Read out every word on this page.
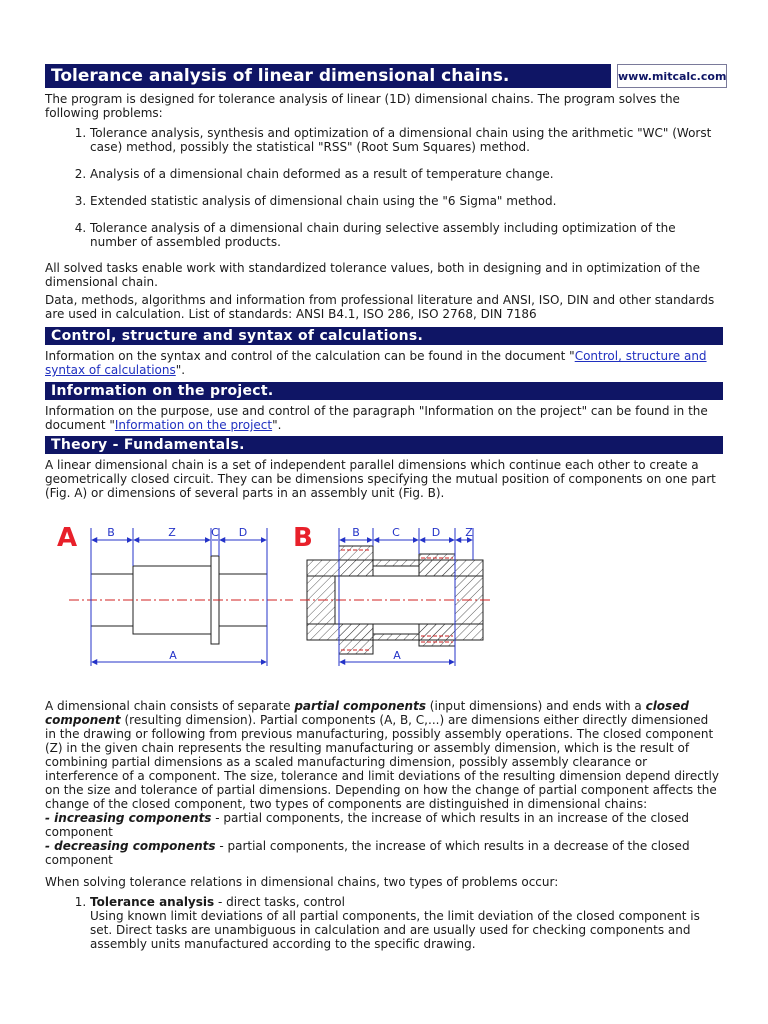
Tolerance analysis of linear dimensional chains.	www.mitcalc.com

The program is designed for tolerance analysis of linear (1D) dimensional chains. The program solves the following problems:

1. Tolerance analysis, synthesis and optimization of a dimensional chain using the arithmetic "WC" (Worst case) method, possibly the statistical "RSS" (Root Sum Squares) method.
2. Analysis of a dimensional chain deformed as a result of temperature change.
3. Extended statistic analysis of dimensional chain using the "6 Sigma" method.
4. Tolerance analysis of a dimensional chain during selective assembly including optimization of the number of assembled products.

All solved tasks enable work with standardized tolerance values, both in designing and in optimization of the dimensional chain.

Data, methods, algorithms and information from professional literature and ANSI, ISO, DIN and other standards are used in calculation. List of standards: ANSI B4.1, ISO 286, ISO 2768, DIN 7186

Control, structure and syntax of calculations.

Information on the syntax and control of the calculation can be found in the document "Control, structure and syntax of calculations".

Information on the project.

Information on the purpose, use and control of the paragraph "Information on the project" can be found in the document "Information on the project".

Theory - Fundamentals.

A linear dimensional chain is a set of independent parallel dimensions which continue each other to create a geometrically closed circuit. They can be dimensions specifying the mutual position of components on one part (Fig. A) or dimensions of several parts in an assembly unit (Fig. B).

A	B	Z	C D
A
B	B	C	D Z
A

A dimensional chain consists of separate partial components (input dimensions) and ends with a closed component (resulting dimension). Partial components (A, B, C,...) are dimensions either directly dimensioned in the drawing or following from previous manufacturing, possibly assembly operations. The closed component (Z) in the given chain represents the resulting manufacturing or assembly dimension, which is the result of combining partial dimensions as a scaled manufacturing dimension, possibly assembly clearance or interference of a component. The size, tolerance and limit deviations of the resulting dimension depend directly on the size and tolerance of partial dimensions. Depending on how the change of partial component affects the change of the closed component, two types of components are distinguished in dimensional chains:

- increasing components - partial components, the increase of which results in an increase of the closed component

- decreasing components - partial components, the increase of which results in a decrease of the closed component

When solving tolerance relations in dimensional chains, two types of problems occur:

1. Tolerance analysis - direct tasks, control
Using known limit deviations of all partial components, the limit deviation of the closed component is set. Direct tasks are unambiguous in calculation and are usually used for checking components and assembly units manufactured according to the specific drawing.
